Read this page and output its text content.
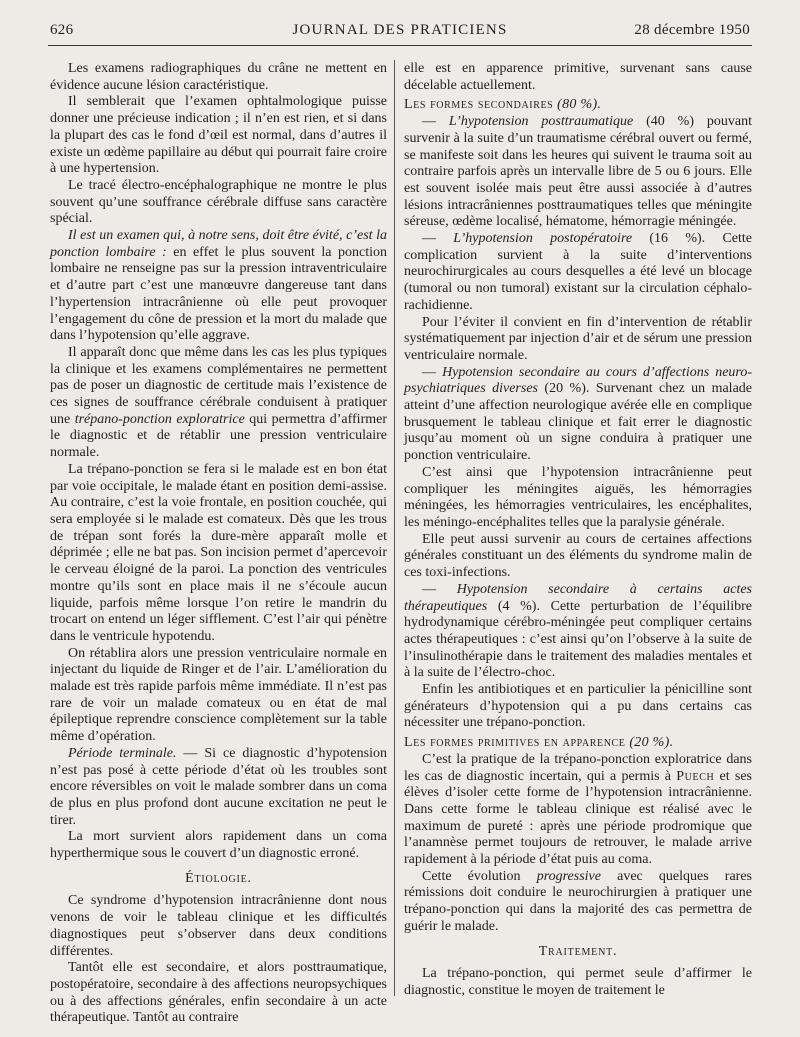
626	JOURNAL DES PRATICIENS	28 décembre 1950

Les examens radiographiques du crâne ne mettent en évidence aucune lésion caractéristique.

Il semblerait que l’examen ophtalmologique puisse donner une précieuse indication ; il n’en est rien, et si dans la plupart des cas le fond d’œil est normal, dans d’autres il existe un œdème papillaire au début qui pourrait faire croire à une hypertension.

Le tracé électro-encéphalographique ne montre le plus souvent qu’une souffrance cérébrale diffuse sans caractère spécial.

Il est un examen qui, à notre sens, doit être évité, c’est la ponction lombaire : en effet le plus souvent la ponction lombaire ne renseigne pas sur la pression intraventriculaire et d’autre part c’est une manœuvre dangereuse tant dans l’hypertension intracrânienne où elle peut provoquer l’engagement du cône de pression et la mort du malade que dans l’hypotension qu’elle aggrave.

Il apparaît donc que même dans les cas les plus typiques la clinique et les examens complémentaires ne permettent pas de poser un diagnostic de certitude mais l’existence de ces signes de souffrance cérébrale conduisent à pratiquer une trépano-ponction exploratrice qui permettra d’affirmer le diagnostic et de rétablir une pression ventriculaire normale.

La trépano-ponction se fera si le malade est en bon état par voie occipitale, le malade étant en position demi-assise. Au contraire, c’est la voie frontale, en position couchée, qui sera employée si le malade est comateux. Dès que les trous de trépan sont forés la dure-mère apparaît molle et déprimée ; elle ne bat pas. Son incision permet d’apercevoir le cerveau éloigné de la paroi. La ponction des ventricules montre qu’ils sont en place mais il ne s’écoule aucun liquide, parfois même lorsque l’on retire le mandrin du trocart on entend un léger sifflement. C’est l’air qui pénètre dans le ventricule hypotendu.

On rétablira alors une pression ventriculaire normale en injectant du liquide de Ringer et de l’air. L’amélioration du malade est très rapide parfois même immédiate. Il n’est pas rare de voir un malade comateux ou en état de mal épileptique reprendre conscience complètement sur la table même d’opération.

Période terminale. — Si ce diagnostic d’hypotension n’est pas posé à cette période d’état où les troubles sont encore réversibles on voit le malade sombrer dans un coma de plus en plus profond dont aucune excitation ne peut le tirer.

La mort survient alors rapidement dans un coma hyperthermique sous le couvert d’un diagnostic erroné.

Étiologie.

Ce syndrome d’hypotension intracrânienne dont nous venons de voir le tableau clinique et les difficultés diagnostiques peut s’observer dans deux conditions différentes.

Tantôt elle est secondaire, et alors posttraumatique, postopératoire, secondaire à des affections neuropsychiques ou à des affections générales, enfin secondaire à un acte thérapeutique. Tantôt au contraire

elle est en apparence primitive, survenant sans cause décelable actuellement.

Les formes secondaires (80 %).

— L’hypotension posttraumatique (40 %) pouvant survenir à la suite d’un traumatisme cérébral ouvert ou fermé, se manifeste soit dans les heures qui suivent le trauma soit au contraire parfois après un intervalle libre de 5 ou 6 jours. Elle est souvent isolée mais peut être aussi associée à d’autres lésions intracrâniennes posttraumatiques telles que méningite séreuse, œdème localisé, hématome, hémorragie méningée.

— L’hypotension postopératoire (16 %). Cette complication survient à la suite d’interventions neurochirurgicales au cours desquelles a été levé un blocage (tumoral ou non tumoral) existant sur la circulation céphalo-rachidienne.

Pour l’éviter il convient en fin d’intervention de rétablir systématiquement par injection d’air et de sérum une pression ventriculaire normale.

— Hypotension secondaire au cours d’affections neuro-psychiatriques diverses (20 %). Survenant chez un malade atteint d’une affection neurologique avérée elle en complique brusquement le tableau clinique et fait errer le diagnostic jusqu’au moment où un signe conduira à pratiquer une ponction ventriculaire.

C’est ainsi que l’hypotension intracrânienne peut compliquer les méningites aiguës, les hémorragies méningées, les hémorragies ventriculaires, les encéphalites, les méningo-encéphalites telles que la paralysie générale.

Elle peut aussi survenir au cours de certaines affections générales constituant un des éléments du syndrome malin de ces toxi-infections.

— Hypotension secondaire à certains actes thérapeutiques (4 %). Cette perturbation de l’équilibre hydrodynamique cérébro-méningée peut compliquer certains actes thérapeutiques : c’est ainsi qu’on l’observe à la suite de l’insulinothérapie dans le traitement des maladies mentales et à la suite de l’électro-choc.

Enfin les antibiotiques et en particulier la pénicilline sont générateurs d’hypotension qui a pu dans certains cas nécessiter une trépano-ponction.

Les formes primitives en apparence (20 %).

C’est la pratique de la trépano-ponction exploratrice dans les cas de diagnostic incertain, qui a permis à Puech et ses élèves d’isoler cette forme de l’hypotension intracrânienne. Dans cette forme le tableau clinique est réalisé avec le maximum de pureté : après une période prodromique que l’anamnèse permet toujours de retrouver, le malade arrive rapidement à la période d’état puis au coma.

Cette évolution progressive avec quelques rares rémissions doit conduire le neurochirurgien à pratiquer une trépano-ponction qui dans la majorité des cas permettra de guérir le malade.

Traitement.

La trépano-ponction, qui permet seule d’affirmer le diagnostic, constitue le moyen de traitement le
